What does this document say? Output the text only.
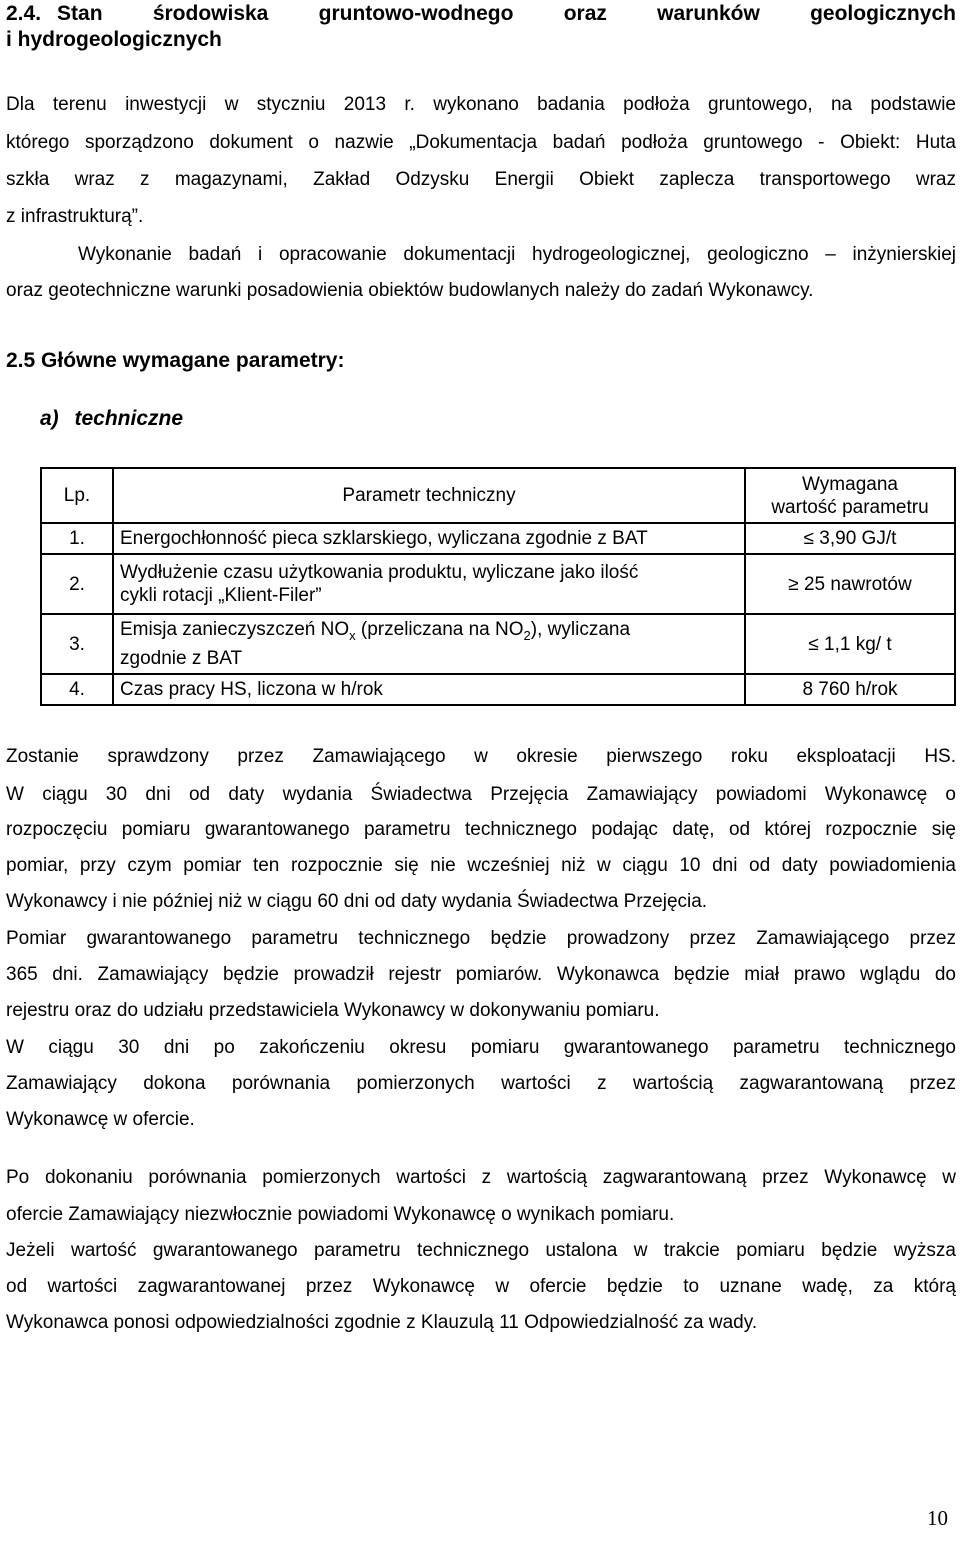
2.4. Stan środowiska gruntowo-wodnego oraz warunków geologicznych
i hydrogeologicznych
Dla terenu inwestycji w styczniu 2013 r. wykonano badania podłoża gruntowego, na podstawie
którego sporządzono dokument o nazwie „Dokumentacja badań podłoża gruntowego - Obiekt: Huta
szkła wraz z magazynami, Zakład Odzysku Energii Obiekt zaplecza transportowego wraz
z infrastrukturą”.
Wykonanie badań i opracowanie dokumentacji hydrogeologicznej, geologiczno – inżynierskiej
oraz geotechniczne warunki posadowienia obiektów budowlanych należy do zadań Wykonawcy.
2.5 Główne wymagane parametry:
a) techniczne
Lp.	Parametr techniczny	Wymagana
wartość parametru

1.	Energochłonność pieca szklarskiego, wyliczana zgodnie z BAT	≤ 3,90 GJ/t
2.	Wydłużenie czasu użytkowania produktu, wyliczane jako ilość
cykli rotacji „Klient-Filer”	≥ 25 nawrotów
3.	Emisja zanieczyszczeń $NO_x$ (przeliczana na $NO_2$), wyliczana
zgodnie z BAT	≤ 1,1 kg/ t
4.	Czas pracy HS, liczona w h/rok	8 760 h/rok
Zostanie sprawdzony przez Zamawiającego w okresie pierwszego roku eksploatacji HS.
W ciągu 30 dni od daty wydania Świadectwa Przejęcia Zamawiający powiadomi Wykonawcę o
rozpoczęciu pomiaru gwarantowanego parametru technicznego podając datę, od której rozpocznie się
pomiar, przy czym pomiar ten rozpocznie się nie wcześniej niż w ciągu 10 dni od daty powiadomienia
Wykonawcy i nie później niż w ciągu 60 dni od daty wydania Świadectwa Przejęcia.
Pomiar gwarantowanego parametru technicznego będzie prowadzony przez Zamawiającego przez
365 dni. Zamawiający będzie prowadził rejestr pomiarów. Wykonawca będzie miał prawo wglądu do
rejestru oraz do udziału przedstawiciela Wykonawcy w dokonywaniu pomiaru.
W ciągu 30 dni po zakończeniu okresu pomiaru gwarantowanego parametru technicznego
Zamawiający dokona porównania pomierzonych wartości z wartością zagwarantowaną przez
Wykonawcę w ofercie.
Po dokonaniu porównania pomierzonych wartości z wartością zagwarantowaną przez Wykonawcę w
ofercie Zamawiający niezwłocznie powiadomi Wykonawcę o wynikach pomiaru.
Jeżeli wartość gwarantowanego parametru technicznego ustalona w trakcie pomiaru będzie wyższa
od wartości zagwarantowanej przez Wykonawcę w ofercie będzie to uznane wadę, za którą
Wykonawca ponosi odpowiedzialności zgodnie z Klauzulą 11 Odpowiedzialność za wady.
10
